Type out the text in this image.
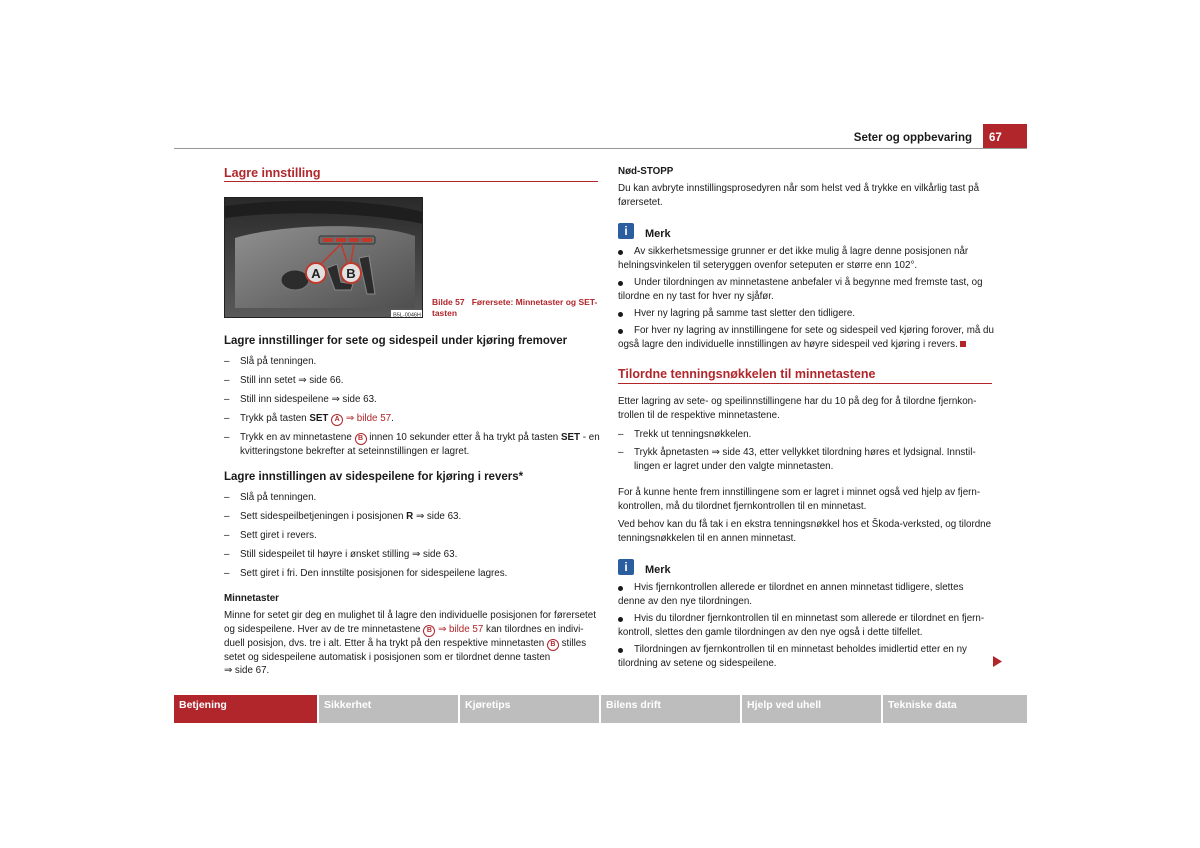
Seter og oppbevaring	67
Lagre innstilling
A B
B5L-0046H
Bilde 57 Førersete: Minnetaster og SET-tasten
Lagre innstillinger for sete og sidespeil under kjøring fremover
– Slå på tenningen.
– Still inn setet ⇒ side 66.
– Still inn sidespeilene ⇒ side 63.
– Trykk på tasten SET A ⇒ bilde 57.
– Trykk en av minnetastene B innen 10 sekunder etter å ha trykt på tasten SET - en
kvitteringstone bekrefter at seteinnstillingen er lagret.
Lagre innstillingen av sidespeilene for kjøring i revers*
– Slå på tenningen.
– Sett sidespeilbetjeningen i posisjonen R ⇒ side 63.
– Sett giret i revers.
– Still sidespeilet til høyre i ønsket stilling ⇒ side 63.
– Sett giret i fri. Den innstilte posisjonen for sidespeilene lagres.
Minnetaster
Minne for setet gir deg en mulighet til å lagre den individuelle posisjonen for førersetet
og sidespeilene. Hver av de tre minnetastene B ⇒ bilde 57 kan tilordnes en indivi-
duell posisjon, dvs. tre i alt. Etter å ha trykt på den respektive minnetasten B stilles
setet og sidespeilene automatisk i posisjonen som er tilordnet denne tasten
⇒ side 67.
Nød-STOPP
Du kan avbryte innstillingsprosedyren når som helst ved å trykke en vilkårlig tast på
førersetet.
i	Merk
Av sikkerhetsmessige grunner er det ikke mulig å lagre denne posisjonen når
helningsvinkelen til seteryggen ovenfor seteputen er større enn 102°.
Under tilordningen av minnetastene anbefaler vi å begynne med fremste tast, og
tilordne en ny tast for hver ny sjåfør.
Hver ny lagring på samme tast sletter den tidligere.
For hver ny lagring av innstillingene for sete og sidespeil ved kjøring forover, må du
også lagre den individuelle innstillingen av høyre sidespeil ved kjøring i revers.
Tilordne tenningsnøkkelen til minnetastene
Etter lagring av sete- og speilinnstillingene har du 10 på deg for å tilordne fjernkon-
trollen til de respektive minnetastene.
– Trekk ut tenningsnøkkelen.
– Trykk åpnetasten ⇒ side 43, etter vellykket tilordning høres et lydsignal. Innstil-
lingen er lagret under den valgte minnetasten.
For å kunne hente frem innstillingene som er lagret i minnet også ved hjelp av fjern-
kontrollen, må du tilordnet fjernkontrollen til en minnetast.
Ved behov kan du få tak i en ekstra tenningsnøkkel hos et Škoda-verksted, og tilordne
tenningsnøkkelen til en annen minnetast.
i	Merk
Hvis fjernkontrollen allerede er tilordnet en annen minnetast tidligere, slettes
denne av den nye tilordningen.
Hvis du tilordner fjernkontrollen til en minnetast som allerede er tilordnet en fjern-
kontroll, slettes den gamle tilordningen av den nye også i dette tilfellet.
Tilordningen av fjernkontrollen til en minnetast beholdes imidlertid etter en ny
tilordning av setene og sidespeilene.
Betjening	Sikkerhet	Kjøretips	Bilens drift	Hjelp ved uhell	Tekniske data
